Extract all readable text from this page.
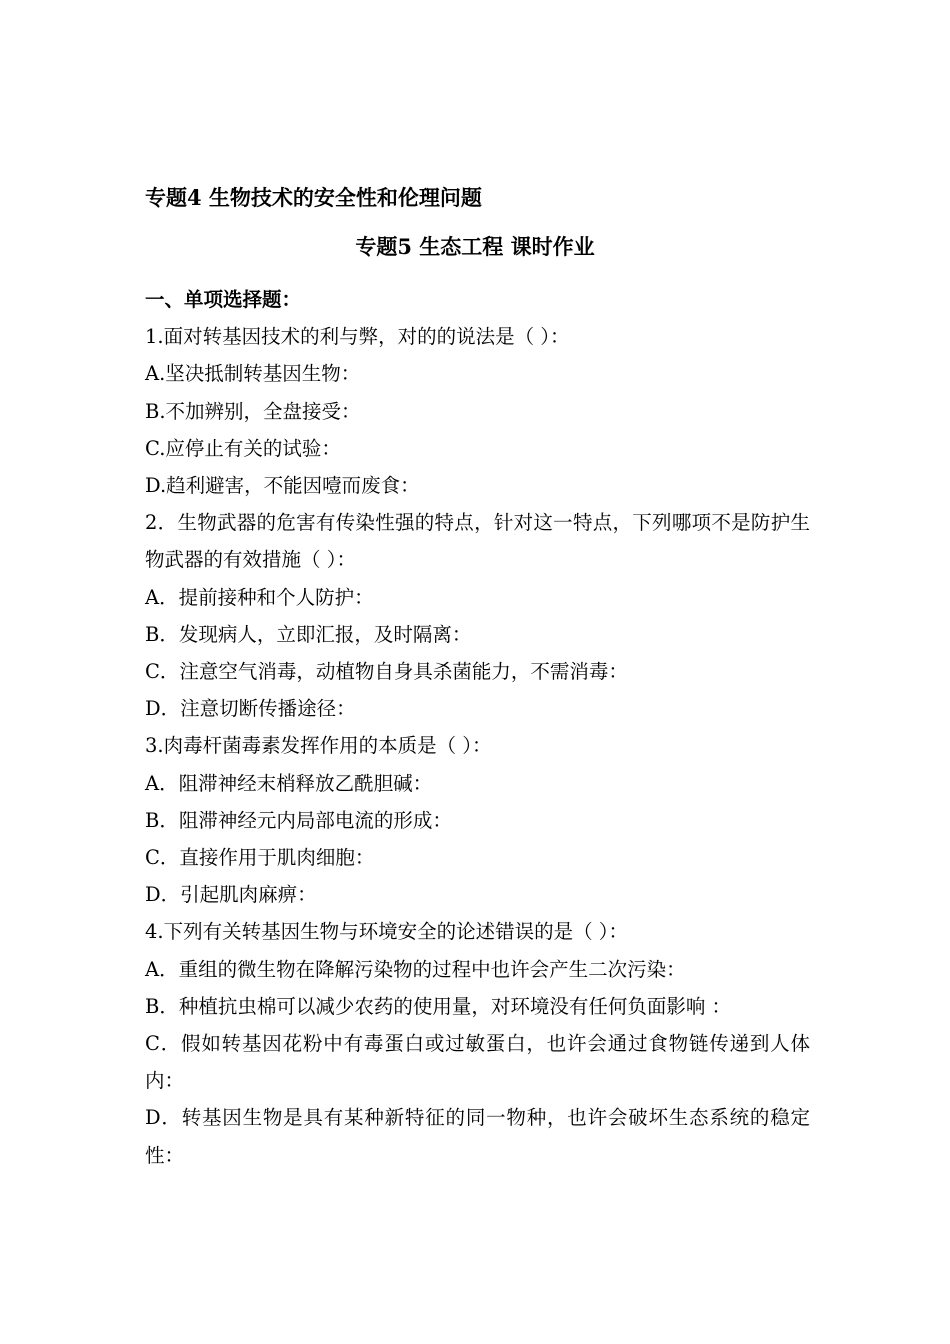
专题4 生物技术的安全性和伦理问题
专题5 生态工程 课时作业
一、单项选择题：
1.面对转基因技术的利与弊，对的的说法是（ ）：
A.坚决抵制转基因生物：
B.不加辨别，全盘接受：
C.应停止有关的试验：
D.趋利避害，不能因噎而废食：
2．生物武器的危害有传染性强的特点，针对这一特点，下列哪项不是防护生物武器的有效措施（ ）：
A．提前接种和个人防护：
B．发现病人，立即汇报，及时隔离：
C．注意空气消毒，动植物自身具杀菌能力，不需消毒：
D．注意切断传播途径：
3.肉毒杆菌毒素发挥作用的本质是（ ）：
A．阻滞神经末梢释放乙酰胆碱：
B．阻滞神经元内局部电流的形成：
C．直接作用于肌肉细胞：
D．引起肌肉麻痹：
4.下列有关转基因生物与环境安全的论述错误的是（ ）：
A．重组的微生物在降解污染物的过程中也许会产生二次污染：
B．种植抗虫棉可以减少农药的使用量，对环境没有任何负面影响 ：
C．假如转基因花粉中有毒蛋白或过敏蛋白，也许会通过食物链传递到人体内：
D．转基因生物是具有某种新特征的同一物种，也许会破坏生态系统的稳定性：
